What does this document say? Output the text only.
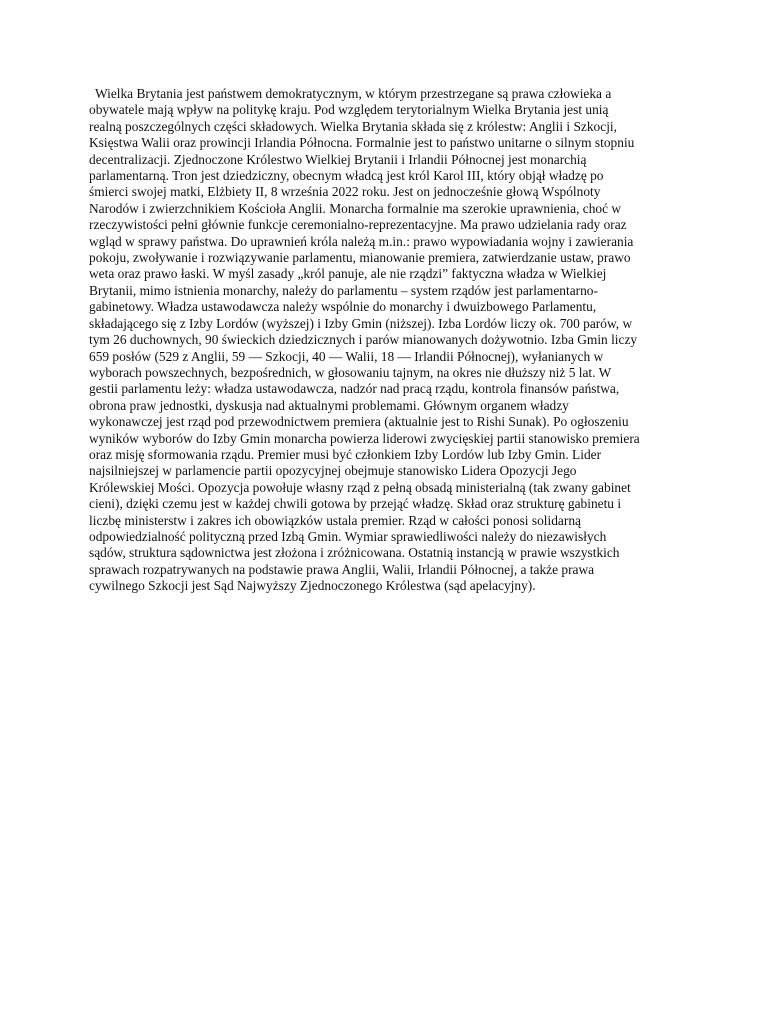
Wielka Brytania jest państwem demokratycznym, w którym przestrzegane są prawa człowieka a
obywatele mają wpływ na politykę kraju. Pod względem terytorialnym Wielka Brytania jest unią
realną poszczególnych części składowych. Wielka Brytania składa się z królestw: Anglii i Szkocji,
Księstwa Walii oraz prowincji Irlandia Północna. Formalnie jest to państwo unitarne o silnym stopniu
decentralizacji. Zjednoczone Królestwo Wielkiej Brytanii i Irlandii Północnej jest monarchią
parlamentarną. Tron jest dziedziczny, obecnym władcą jest król Karol III, który objął władzę po
śmierci swojej matki, Elżbiety II, 8 września 2022 roku. Jest on jednocześnie głową Wspólnoty
Narodów i zwierzchnikiem Kościoła Anglii. Monarcha formalnie ma szerokie uprawnienia, choć w
rzeczywistości pełni głównie funkcje ceremonialno-reprezentacyjne. Ma prawo udzielania rady oraz
wgląd w sprawy państwa. Do uprawnień króla należą m.in.: prawo wypowiadania wojny i zawierania
pokoju, zwoływanie i rozwiązywanie parlamentu, mianowanie premiera, zatwierdzanie ustaw, prawo
weta oraz prawo łaski. W myśl zasady „król panuje, ale nie rządzi” faktyczna władza w Wielkiej
Brytanii, mimo istnienia monarchy, należy do parlamentu – system rządów jest parlamentarno-
gabinetowy. Władza ustawodawcza należy wspólnie do monarchy i dwuizbowego Parlamentu,
składającego się z Izby Lordów (wyższej) i Izby Gmin (niższej). Izba Lordów liczy ok. 700 parów, w
tym 26 duchownych, 90 świeckich dziedzicznych i parów mianowanych dożywotnio. Izba Gmin liczy
659 posłów (529 z Anglii, 59 — Szkocji, 40 — Walii, 18 — Irlandii Północnej), wyłanianych w
wyborach powszechnych, bezpośrednich, w głosowaniu tajnym, na okres nie dłuższy niż 5 lat. W
gestii parlamentu leży: władza ustawodawcza, nadzór nad pracą rządu, kontrola finansów państwa,
obrona praw jednostki, dyskusja nad aktualnymi problemami. Głównym organem władzy
wykonawczej jest rząd pod przewodnictwem premiera (aktualnie jest to Rishi Sunak). Po ogłoszeniu
wyników wyborów do Izby Gmin monarcha powierza liderowi zwycięskiej partii stanowisko premiera
oraz misję sformowania rządu. Premier musi być członkiem Izby Lordów lub Izby Gmin. Lider
najsilniejszej w parlamencie partii opozycyjnej obejmuje stanowisko Lidera Opozycji Jego
Królewskiej Mości. Opozycja powołuje własny rząd z pełną obsadą ministerialną (tak zwany gabinet
cieni), dzięki czemu jest w każdej chwili gotowa by przejąć władzę. Skład oraz strukturę gabinetu i
liczbę ministerstw i zakres ich obowiązków ustala premier. Rząd w całości ponosi solidarną
odpowiedzialność polityczną przed Izbą Gmin. Wymiar sprawiedliwości należy do niezawisłych
sądów, struktura sądownictwa jest złożona i zróżnicowana. Ostatnią instancją w prawie wszystkich
sprawach rozpatrywanych na podstawie prawa Anglii, Walii, Irlandii Północnej, a także prawa
cywilnego Szkocji jest Sąd Najwyższy Zjednoczonego Królestwa (sąd apelacyjny).
